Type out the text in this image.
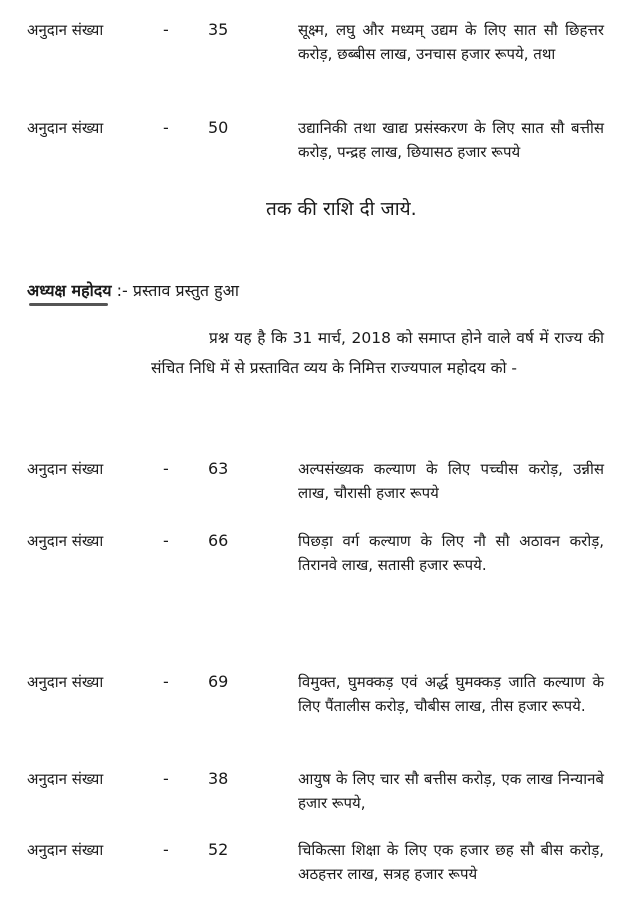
अनुदान संख्या	- 35	सूक्ष्म, लघु और मध्यम् उद्यम के लिए सात सौ छिहत्तर करोड़, छब्बीस लाख, उनचास हजार रूपये, तथा
अनुदान संख्या	- 50	उद्यानिकी तथा खाद्य प्रसंस्करण के लिए सात सौ बत्तीस करोड़, पन्द्रह लाख, छियासठ हजार रूपये
तक की राशि दी जाये.
अध्यक्ष महोदय :- प्रस्ताव प्रस्तुत हुआ

प्रश्न यह है कि 31 मार्च, 2018 को समाप्त होने वाले वर्ष में राज्य की संचित निधि में से प्रस्तावित व्यय के निमित्त राज्यपाल महोदय को -

अनुदान संख्या	- 63	अल्पसंख्यक कल्याण के लिए पच्चीस करोड़, उन्नीस लाख, चौरासी हजार रूपये
अनुदान संख्या	- 66	पिछड़ा वर्ग कल्याण के लिए नौ सौ अठावन करोड़, तिरानवे लाख, सतासी हजार रूपये.
अनुदान संख्या	- 69	विमुक्त, घुमक्कड़ एवं अर्द्ध घुमक्कड़ जाति कल्याण के लिए पैंतालीस करोड़, चौबीस लाख, तीस हजार रूपये.
अनुदान संख्या	- 38	आयुष के लिए चार सौ बत्तीस करोड़, एक लाख निन्यानबे हजार रूपये,
अनुदान संख्या	- 52	चिकित्सा शिक्षा के लिए एक हजार छह सौ बीस करोड़, अठहत्तर लाख, सत्रह हजार रूपये
